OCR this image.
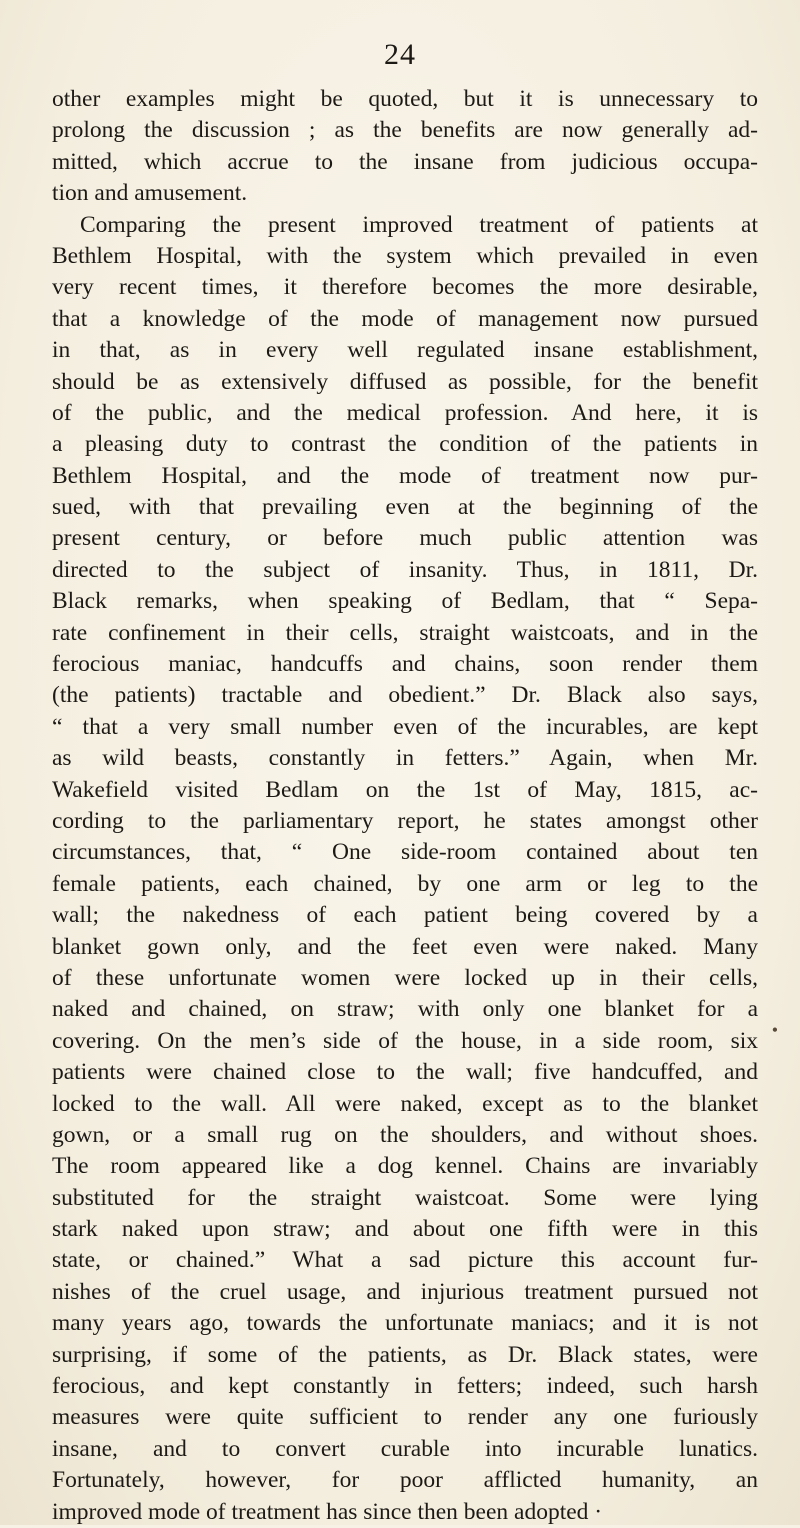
24
other examples might be quoted, but it is unnecessary to
prolong the discussion ; as the benefits are now generally ad-
mitted, which accrue to the insane from judicious occupa-
tion and amusement.
Comparing the present improved treatment of patients at
Bethlem Hospital, with the system which prevailed in even
very recent times, it therefore becomes the more desirable,
that a knowledge of the mode of management now pursued
in that, as in every well regulated insane establishment,
should be as extensively diffused as possible, for the benefit
of the public, and the medical profession. And here, it is
a pleasing duty to contrast the condition of the patients in
Bethlem Hospital, and the mode of treatment now pur-
sued, with that prevailing even at the beginning of the
present century, or before much public attention was
directed to the subject of insanity. Thus, in 1811, Dr.
Black remarks, when speaking of Bedlam, that “ Sepa-
rate confinement in their cells, straight waistcoats, and in the
ferocious maniac, handcuffs and chains, soon render them
(the patients) tractable and obedient.” Dr. Black also says,
“ that a very small number even of the incurables, are kept
as wild beasts, constantly in fetters.” Again, when Mr.
Wakefield visited Bedlam on the 1st of May, 1815, ac-
cording to the parliamentary report, he states amongst other
circumstances, that, “ One side-room contained about ten
female patients, each chained, by one arm or leg to the
wall; the nakedness of each patient being covered by a
blanket gown only, and the feet even were naked. Many
of these unfortunate women were locked up in their cells,
naked and chained, on straw; with only one blanket for a
covering. On the men’s side of the house, in a side room, six
patients were chained close to the wall; five handcuffed, and
locked to the wall. All were naked, except as to the blanket
gown, or a small rug on the shoulders, and without shoes.
The room appeared like a dog kennel. Chains are invariably
substituted for the straight waistcoat. Some were lying
stark naked upon straw; and about one fifth were in this
state, or chained.” What a sad picture this account fur-
nishes of the cruel usage, and injurious treatment pursued not
many years ago, towards the unfortunate maniacs; and it is not
surprising, if some of the patients, as Dr. Black states, were
ferocious, and kept constantly in fetters; indeed, such harsh
measures were quite sufficient to render any one furiously
insane, and to convert curable into incurable lunatics.
Fortunately, however, for poor afflicted humanity, an
improved mode of treatment has since then been adopted ·
•
